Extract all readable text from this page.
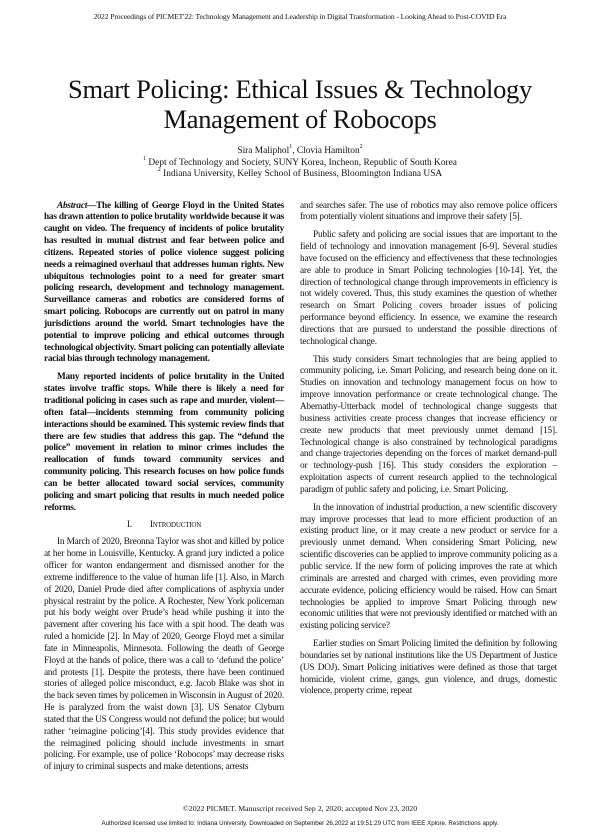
2022 Proceedings of PICMET'22: Technology Management and Leadership in Digital Transformation - Looking Ahead to Post-COVID Era
Smart Policing: Ethical Issues & Technology
Management of Robocops
Sira Maliphol$^1$, Clovia Hamilton$^2$
$^1$ Dept of Technology and Society, SUNY Korea, Incheon, Republic of South Korea
$^2$ Indiana University, Kelley School of Business, Bloomington Indiana USA

Abstract—The killing of George Floyd in the United States has drawn attention to police brutality worldwide because it was caught on video. The frequency of incidents of police brutality has resulted in mutual distrust and fear between police and citizens. Repeated stories of police violence suggest policing needs a reimagined overhaul that addresses human rights. New ubiquitous technologies point to a need for greater smart policing research, development and technology management. Surveillance cameras and robotics are considered forms of smart policing. Robocops are currently out on patrol in many jurisdictions around the world. Smart technologies have the potential to improve policing and ethical outcomes through technological objectivity. Smart policing can potentially alleviate racial bias through technology management.

Many reported incidents of police brutality in the United states involve traffic stops. While there is likely a need for traditional policing in cases such as rape and murder, violent—often fatal—incidents stemming from community policing interactions should be examined. This systemic review finds that there are few studies that address this gap. The “defund the police” movement in relation to minor crimes includes the reallocation of funds toward community services and community policing. This research focuses on how police funds can be better allocated toward social services, community policing and smart policing that results in much needed police reforms.

I. Introduction

In March of 2020, Breonna Taylor was shot and killed by police at her home in Louisville, Kentucky. A grand jury indicted a police officer for wanton endangerment and dismissed another for the extreme indifference to the value of human life [1]. Also, in March of 2020, Daniel Prude died after complications of asphyxia under physical restraint by the police. A Rochester, New York policeman put his body weight over Prude’s head while pushing it into the pavement after covering his face with a spit hood. The death was ruled a homicide [2]. In May of 2020, George Floyd met a similar fate in Minneapolis, Minnesota. Following the death of George Floyd at the hands of police, there was a call to ‘defund the police’ and protests [1]. Despite the protests, there have been continued stories of alleged police misconduct, e.g. Jacob Blake was shot in the back seven times by policemen in Wisconsin in August of 2020. He is paralyzed from the waist down [3]. US Senator Clyburn stated that the US Congress would not defund the police; but would rather ‘reimagine policing’[4]. This study provides evidence that the reimagined policing should include investments in smart policing. For example, use of police ‘Robocops’ may decrease risks of injury to criminal suspects and make detentions, arrests

and searches safer. The use of robotics may also remove police officers from potentially violent situations and improve their safety [5].

Public safety and policing are social issues that are important to the field of technology and innovation management [6-9]. Several studies have focused on the efficiency and effectiveness that these technologies are able to produce in Smart Policing technologies [10-14]. Yet, the direction of technological change through improvements in efficiency is not widely covered. Thus, this study examines the question of whether research on Smart Policing covers broader issues of policing performance beyond efficiency. In essence, we examine the research directions that are pursued to understand the possible directions of technological change.

This study considers Smart technologies that are being applied to community policing, i.e. Smart Policing, and research being done on it. Studies on innovation and technology management focus on how to improve innovation performance or create technological change. The Abernathy-Utterback model of technological change suggests that business activities create process changes that increase efficiency or create new products that meet previously unmet demand [15]. Technological change is also constrained by technological paradigms and change trajectories depending on the forces of market demand-pull or technology-push [16]. This study considers the exploration – exploitation aspects of current research applied to the technological paradigm of public safety and policing, i.e. Smart Policing.

In the innovation of industrial production, a new scientific discovery may improve processes that lead to more efficient production of an existing product line, or it may create a new product or service for a previously unmet demand. When considering Smart Policing, new scientific discoveries can be applied to improve community policing as a public service. If the new form of policing improves the rate at which criminals are arrested and charged with crimes, even providing more accurate evidence, policing efficiency would be raised. How can Smart technologies be applied to improve Smart Policing through new economic utilities that were not previously identified or matched with an existing policing service?

Earlier studies on Smart Policing limited the definition by following boundaries set by national institutions like the US Department of Justice (US DOJ). Smart Policing initiatives were defined as those that target homicide, violent crime, gangs, gun violence, and drugs, domestic violence, property crime, repeat

©2022 PICMET. Manuscript received Sep 2, 2020; accepted Nov 23, 2020
Authorized licensed use limited to: Indiana University. Downloaded on September 26,2022 at 19:51:29 UTC from IEEE Xplore. Restrictions apply.
